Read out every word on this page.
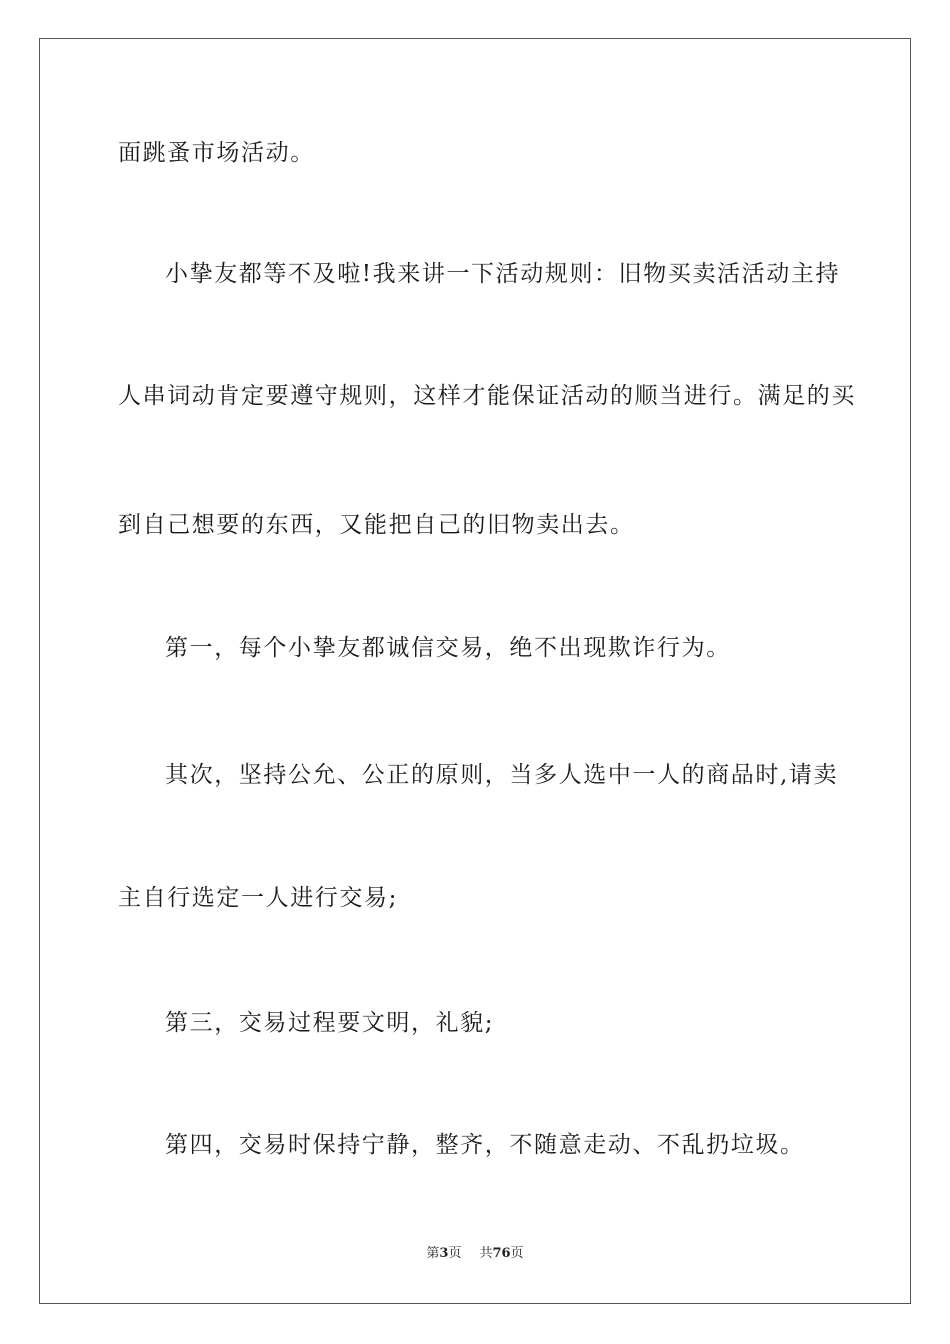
面跳蚤市场活动。
小挚友都等不及啦!我来讲一下活动规则：旧物买卖活活动主持
人串词动肯定要遵守规则，这样才能保证活动的顺当进行。满足的买
到自己想要的东西，又能把自己的旧物卖出去。
第一，每个小挚友都诚信交易，绝不出现欺诈行为。
其次，坚持公允、公正的原则，当多人选中一人的商品时,请卖
主自行选定一人进行交易;
第三，交易过程要文明，礼貌;
第四，交易时保持宁静，整齐，不随意走动、不乱扔垃圾。
第3页 共76页
